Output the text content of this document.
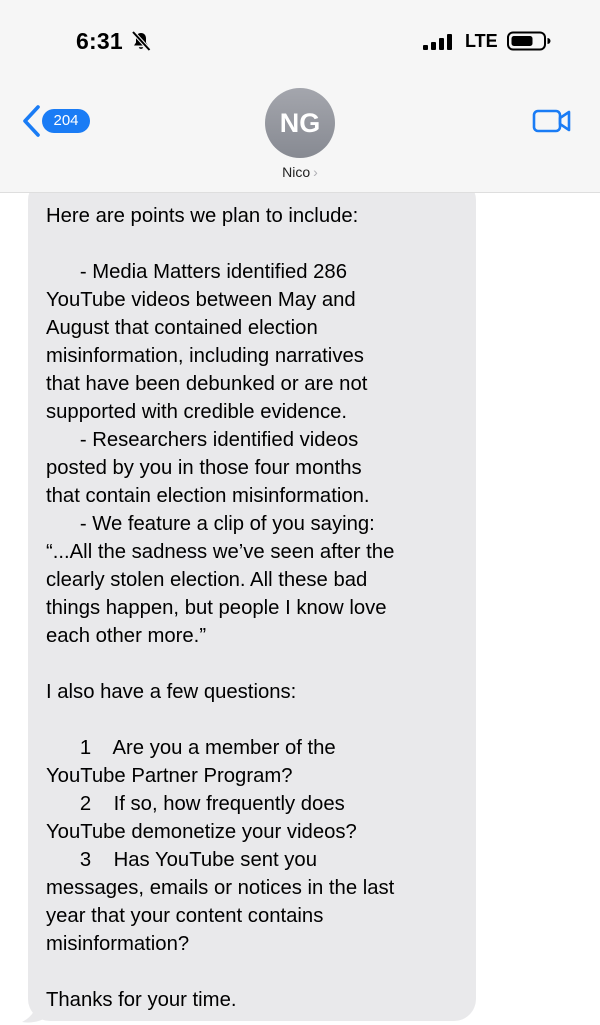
6:31	LTE
204	NG
Nico ›

Here are points we plan to include:

- Media Matters identified 286

YouTube videos between May and

August that contained election

misinformation, including narratives

that have been debunked or are not

supported with credible evidence.

- Researchers identified videos

posted by you in those four months

that contain election misinformation.

- We feature a clip of you saying:

“...All the sadness we’ve seen after the

clearly stolen election. All these bad

things happen, but people I know love

each other more.”

I also have a few questions:

1    Are you a member of the

YouTube Partner Program?

2    If so, how frequently does

YouTube demonetize your videos?

3    Has YouTube sent you

messages, emails or notices in the last

year that your content contains

misinformation?

Thanks for your time.
